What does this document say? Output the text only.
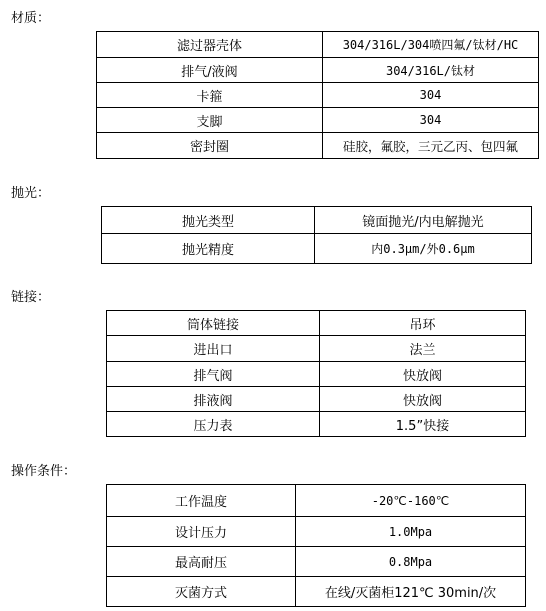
材质：
滤过器壳体	304/316L/304喷四氟/钛材/HC
排气/液阀	304/316L/钛材
卡箍	304
支脚	304
密封圈	硅胶，氟胶，三元乙丙、包四氟
抛光：
抛光类型	镜面抛光/内电解抛光
抛光精度	内0.3μm/外0.6μm
链接：
筒体链接	吊环
进出口	法兰
排气阀	快放阀
排液阀	快放阀
压力表	1.5”快接
操作条件：
工作温度	-20℃-160℃
设计压力	1.0Mpa
最高耐压	0.8Mpa
灭菌方式	在线/灭菌柜121℃ 30min/次
